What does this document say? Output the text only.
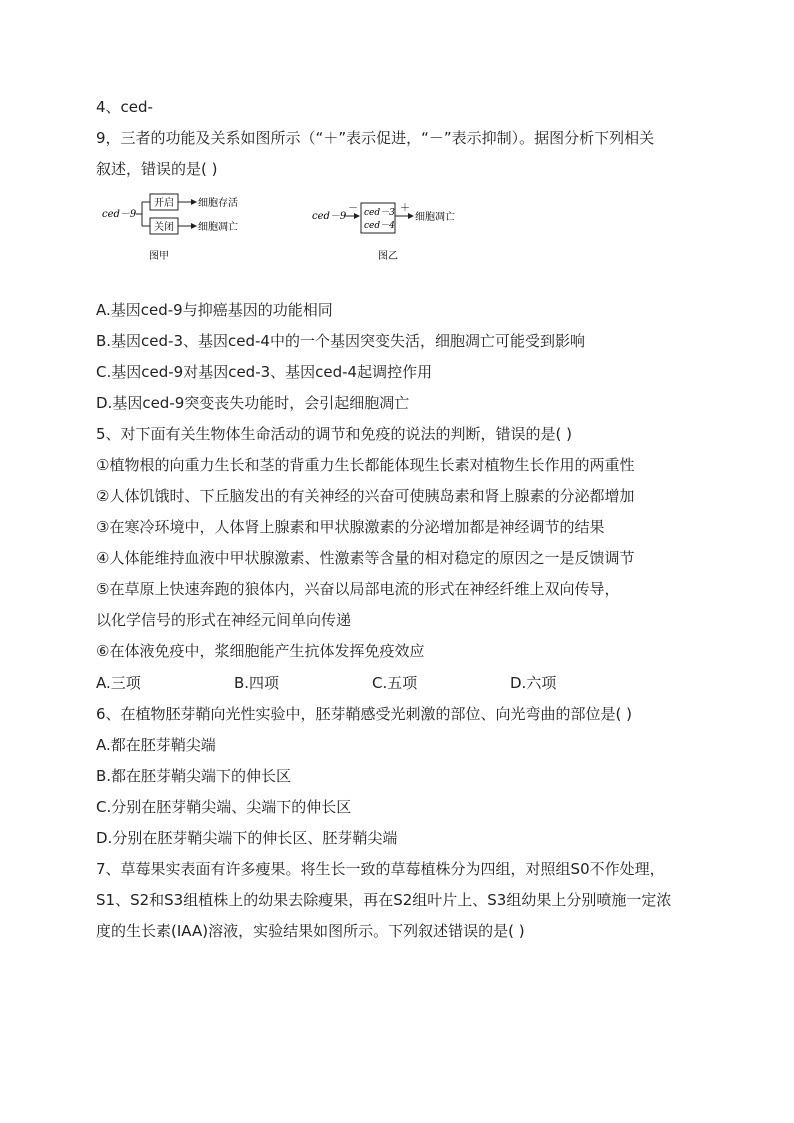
4、ced-
9，三者的功能及关系如图所示（“＋”表示促进，“－”表示抑制）。据图分析下列相关
叙述，错误的是( )
ced－9
开启
关闭
细胞存活
细胞凋亡
图甲
ced－9
－ ced－3
ced－4
＋
细胞凋亡
图乙
A.基因ced-9与抑癌基因的功能相同
B.基因ced-3、基因ced-4中的一个基因突变失活，细胞凋亡可能受到影响
C.基因ced-9对基因ced-3、基因ced-4起调控作用
D.基因ced-9突变丧失功能时，会引起细胞凋亡
5、对下面有关生物体生命活动的调节和免疫的说法的判断，错误的是( )
①植物根的向重力生长和茎的背重力生长都能体现生长素对植物生长作用的两重性
②人体饥饿时、下丘脑发出的有关神经的兴奋可使胰岛素和肾上腺素的分泌都增加
③在寒冷环境中，人体肾上腺素和甲状腺激素的分泌增加都是神经调节的结果
④人体能维持血液中甲状腺激素、性激素等含量的相对稳定的原因之一是反馈调节
⑤在草原上快速奔跑的狼体内，兴奋以局部电流的形式在神经纤维上双向传导，
以化学信号的形式在神经元间单向传递
⑥在体液免疫中，浆细胞能产生抗体发挥免疫效应
A.三项	B.四项	C.五项	D.六项
6、在植物胚芽鞘向光性实验中，胚芽鞘感受光刺激的部位、向光弯曲的部位是( )
A.都在胚芽鞘尖端
B.都在胚芽鞘尖端下的伸长区
C.分别在胚芽鞘尖端、尖端下的伸长区
D.分别在胚芽鞘尖端下的伸长区、胚芽鞘尖端
7、草莓果实表面有许多瘦果。将生长一致的草莓植株分为四组，对照组S0不作处理，
S1、S2和S3组植株上的幼果去除瘦果，再在S2组叶片上、S3组幼果上分别喷施一定浓
度的生长素(IAA)溶液，实验结果如图所示。下列叙述错误的是( )
